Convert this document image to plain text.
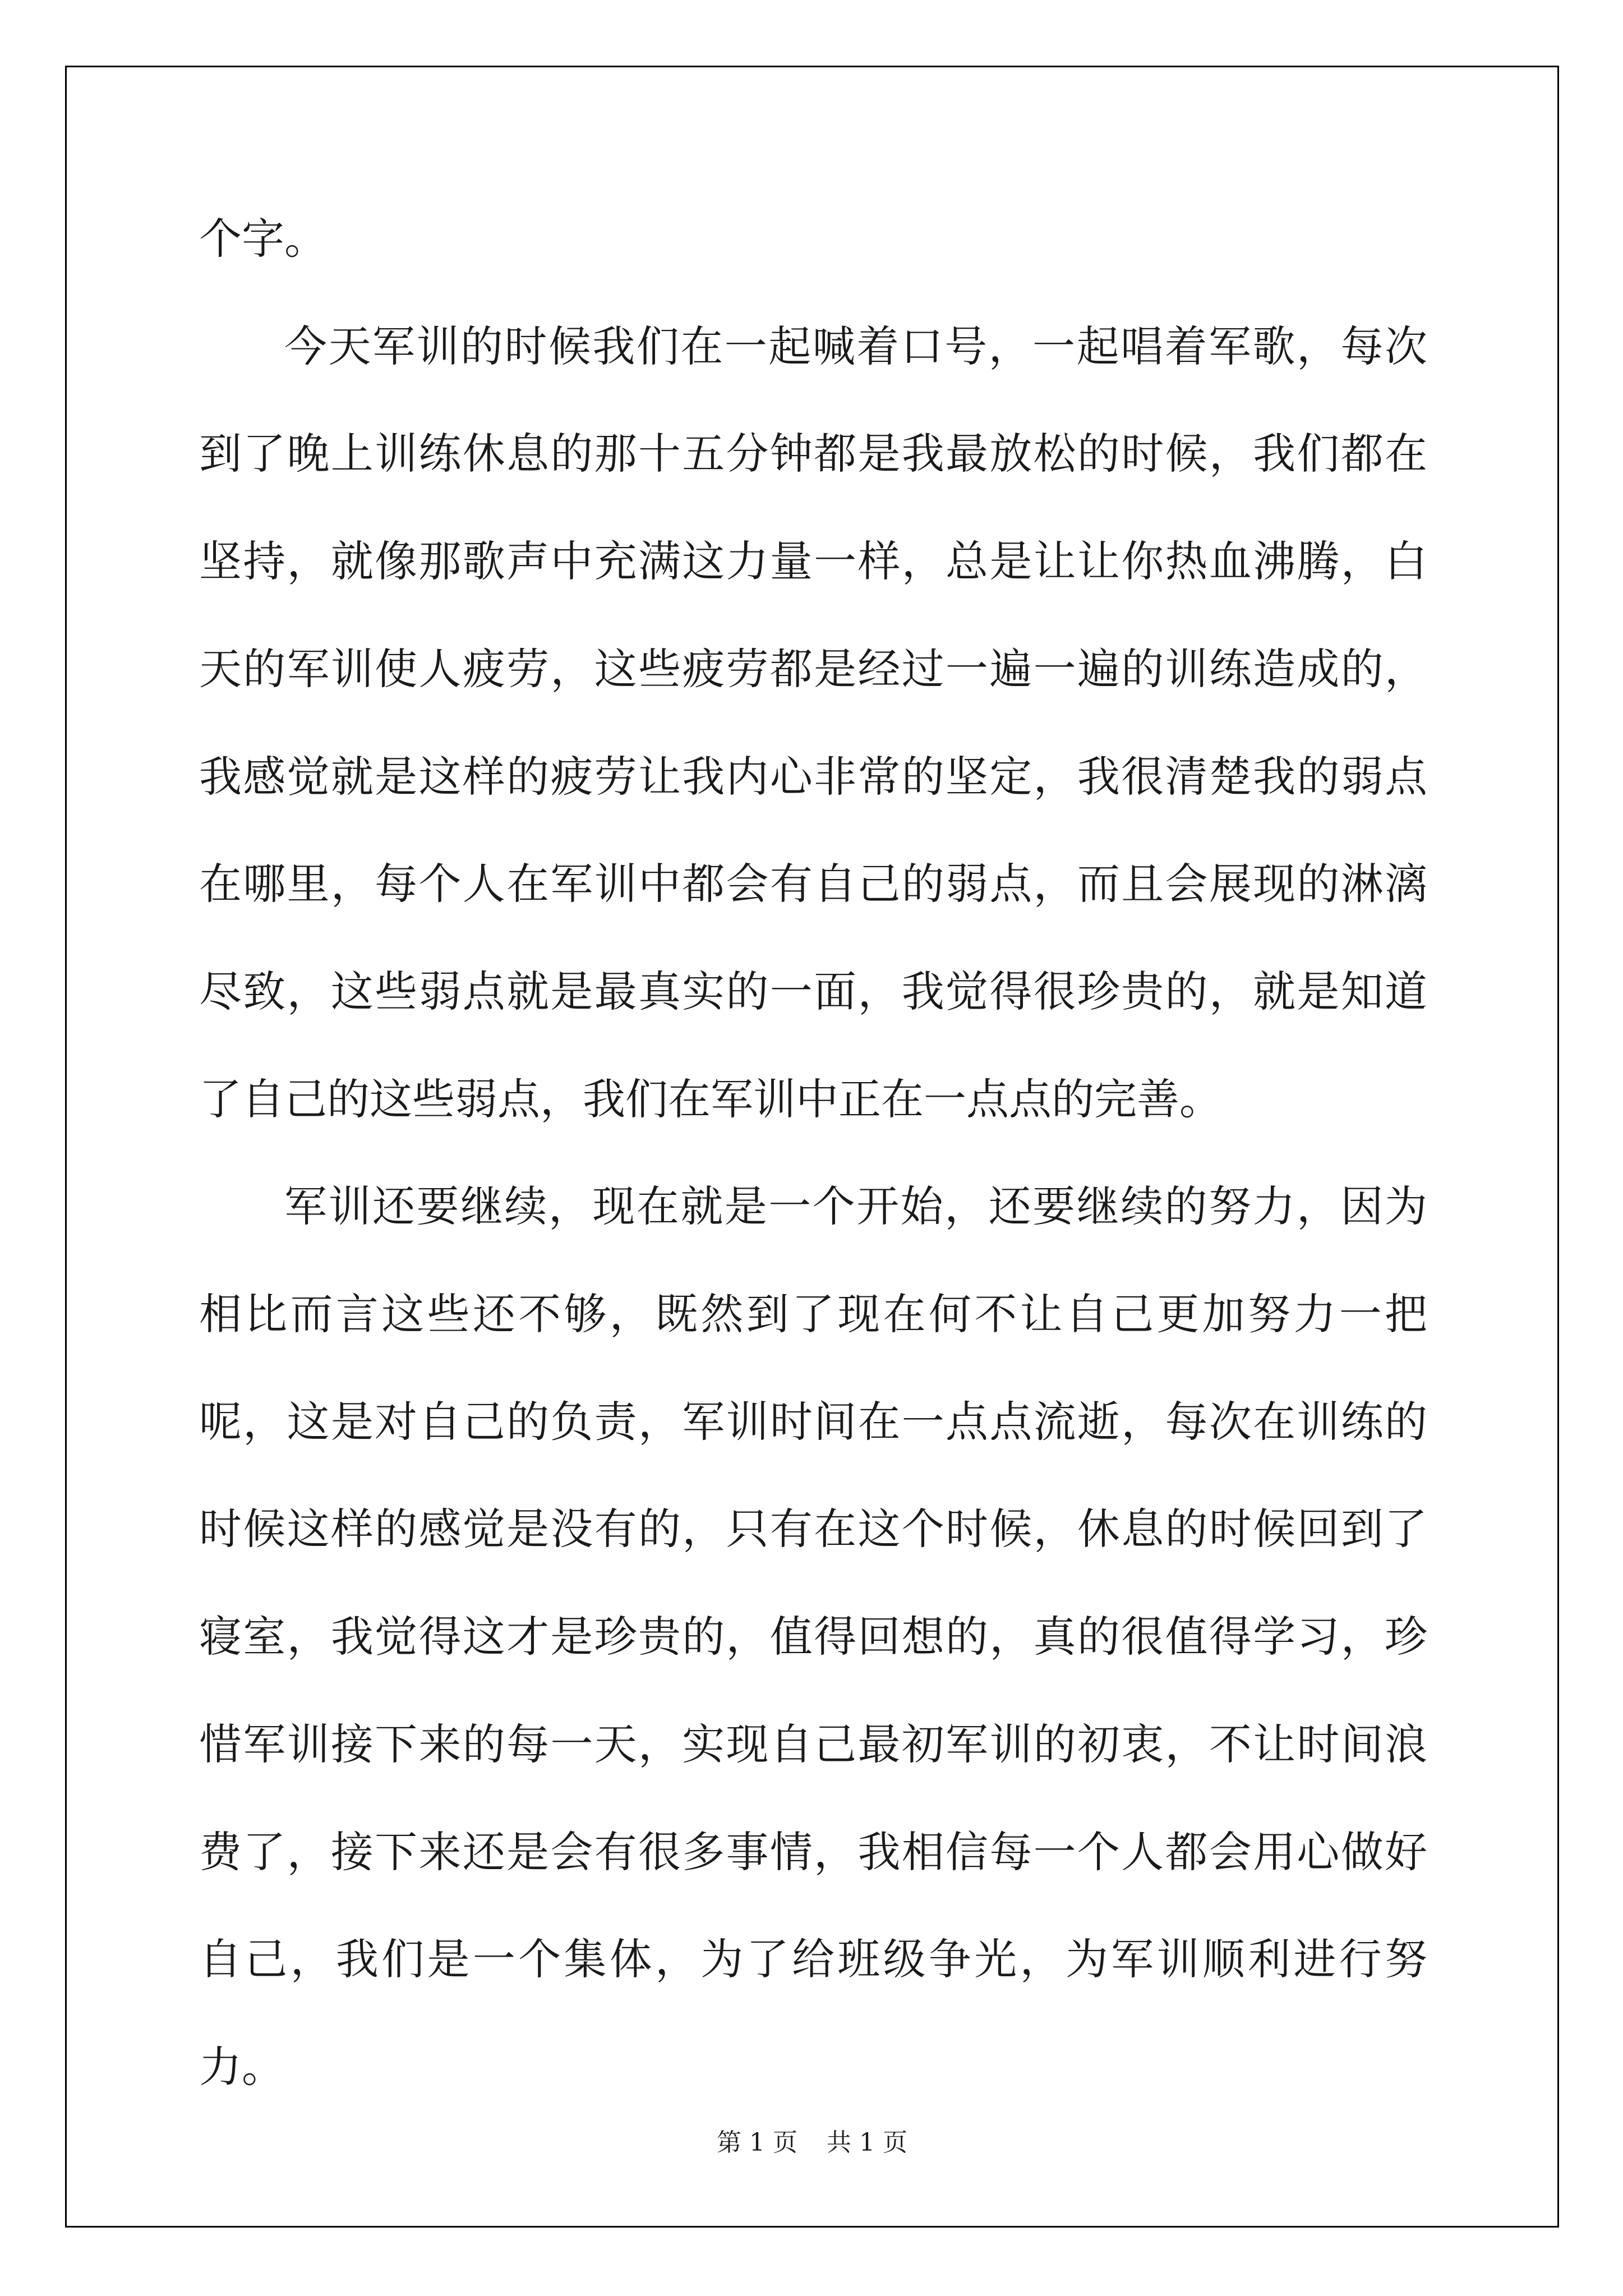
个字。

今天军训的时候我们在一起喊着口号，一起唱着军歌，每次到了晚上训练休息的那十五分钟都是我最放松的时候，我们都在坚持，就像那歌声中充满这力量一样，总是让让你热血沸腾，白天的军训使人疲劳，这些疲劳都是经过一遍一遍的训练造成的，我感觉就是这样的疲劳让我内心非常的坚定，我很清楚我的弱点在哪里，每个人在军训中都会有自己的弱点，而且会展现的淋漓尽致，这些弱点就是最真实的一面，我觉得很珍贵的，就是知道了自己的这些弱点，我们在军训中正在一点点的完善。

军训还要继续，现在就是一个开始，还要继续的努力，因为相比而言这些还不够，既然到了现在何不让自己更加努力一把呢，这是对自己的负责，军训时间在一点点流逝，每次在训练的时候这样的感觉是没有的，只有在这个时候，休息的时候回到了寝室，我觉得这才是珍贵的，值得回想的，真的很值得学习，珍惜军训接下来的每一天，实现自己最初军训的初衷，不让时间浪费了，接下来还是会有很多事情，我相信每一个人都会用心做好自己，我们是一个集体，为了给班级争光，为军训顺利进行努力。

第 1 页 共 1 页
